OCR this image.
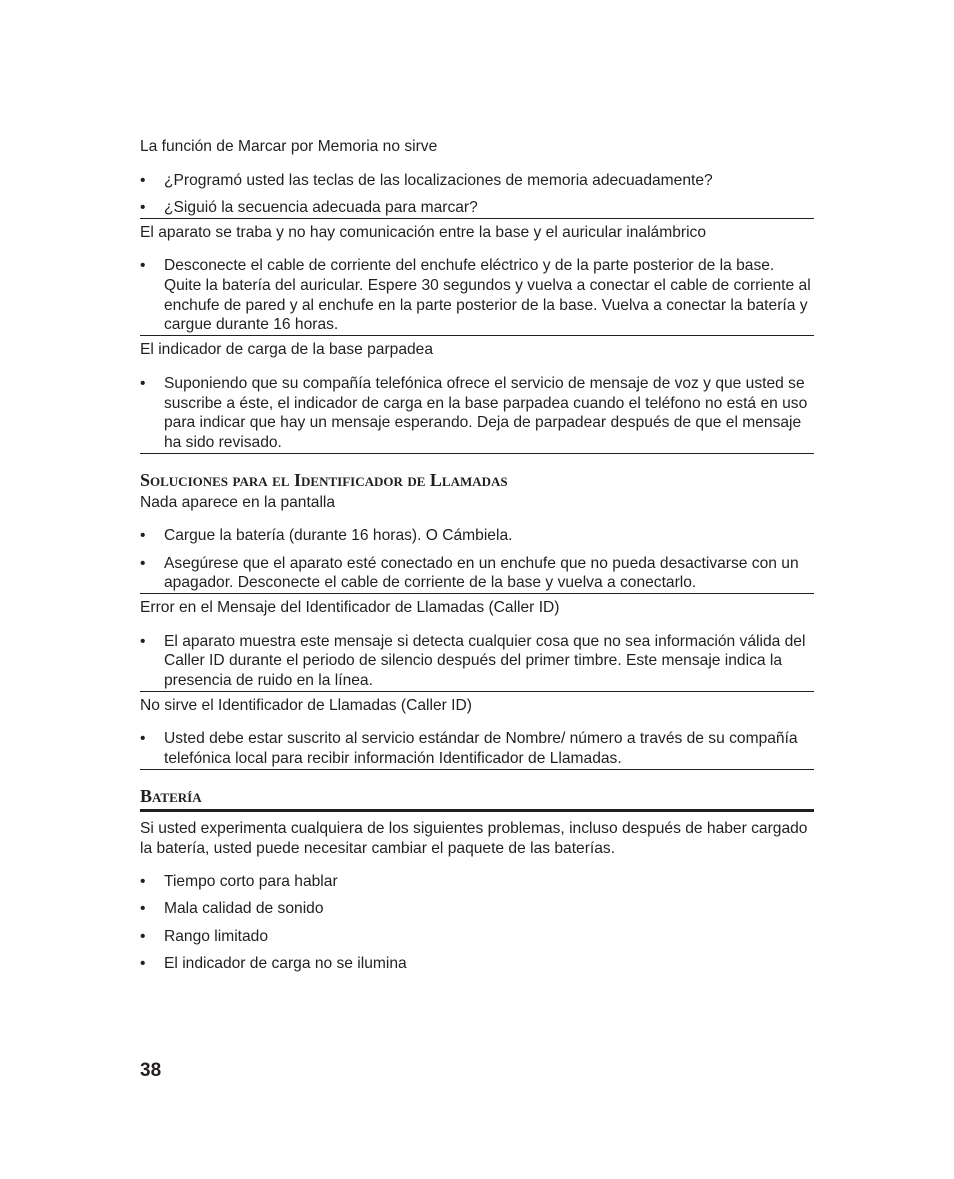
La función de Marcar por Memoria no sirve
• ¿Programó usted las teclas de las localizaciones de memoria adecuadamente?
• ¿Siguió la secuencia adecuada para marcar?
El aparato se traba y no hay comunicación entre la base y el auricular inalámbrico
• Desconecte el cable de corriente del enchufe eléctrico y de la parte posterior de la base. Quite la batería del auricular. Espere 30 segundos y vuelva a conectar el cable de corriente al enchufe de pared y al enchufe en la parte posterior de la base. Vuelva a conectar la batería y cargue durante 16 horas.
El indicador de carga de la base parpadea
• Suponiendo que su compañía telefónica ofrece el servicio de mensaje de voz y que usted se suscribe a éste, el indicador de carga en la base parpadea cuando el teléfono no está en uso para indicar que hay un mensaje esperando. Deja de parpadear después de que el mensaje ha sido revisado.
Soluciones para el Identificador de Llamadas
Nada aparece en la pantalla
• Cargue la batería (durante 16 horas). O Cámbiela.
• Asegúrese que el aparato esté conectado en un enchufe que no pueda desactivarse con un apagador. Desconecte el cable de corriente de la base y vuelva a conectarlo.
Error en el Mensaje del Identificador de Llamadas (Caller ID)
• El aparato muestra este mensaje si detecta cualquier cosa que no sea información válida del Caller ID durante el periodo de silencio después del primer timbre. Este mensaje indica la presencia de ruido en la línea.
No sirve el Identificador de Llamadas (Caller ID)
• Usted debe estar suscrito al servicio estándar de Nombre/ número a través de su compañía telefónica local para recibir información Identificador de Llamadas.
Batería
Si usted experimenta cualquiera de los siguientes problemas, incluso después de haber cargado la batería, usted puede necesitar cambiar el paquete de las baterías.
• Tiempo corto para hablar
• Mala calidad de sonido
• Rango limitado
• El indicador de carga no se ilumina
38
